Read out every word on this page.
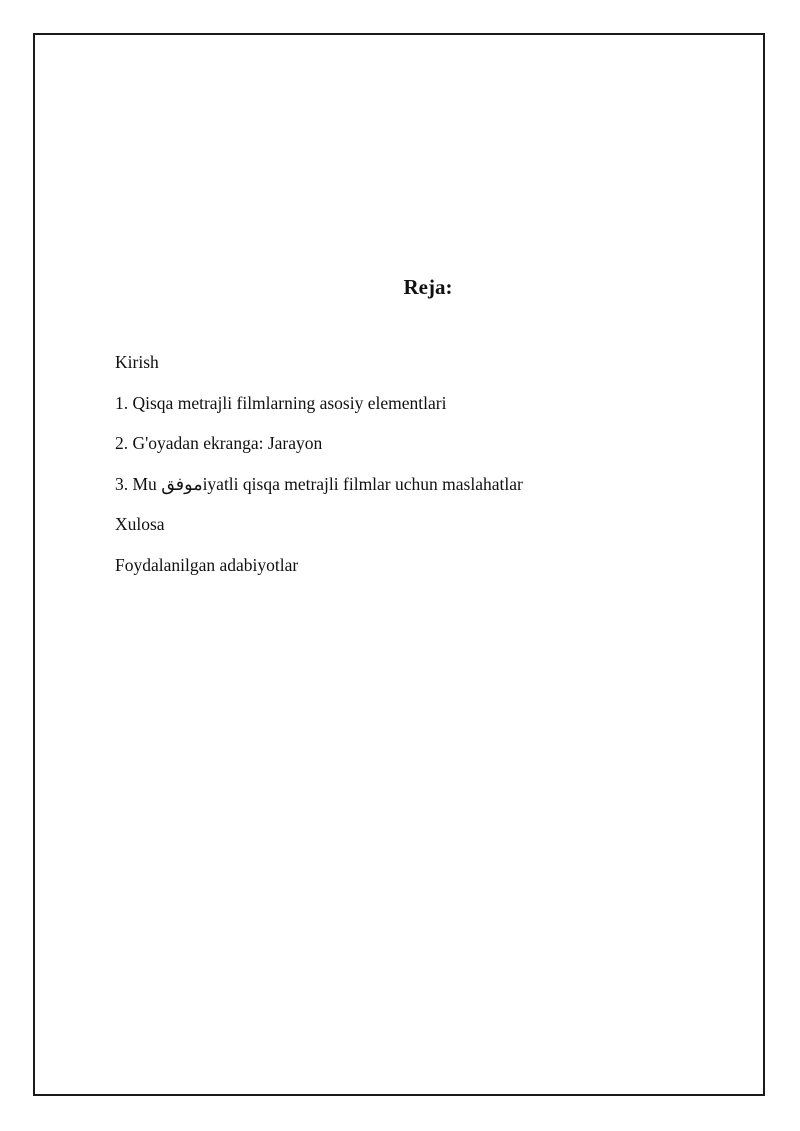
Reja:
Kirish
1. Qisqa metrajli filmlarning asosiy elementlari
2. G'oyadan ekranga: Jarayon
3. Mu موفقiyatli qisqa metrajli filmlar uchun maslahatlar
Xulosa
Foydalanilgan adabiyotlar
